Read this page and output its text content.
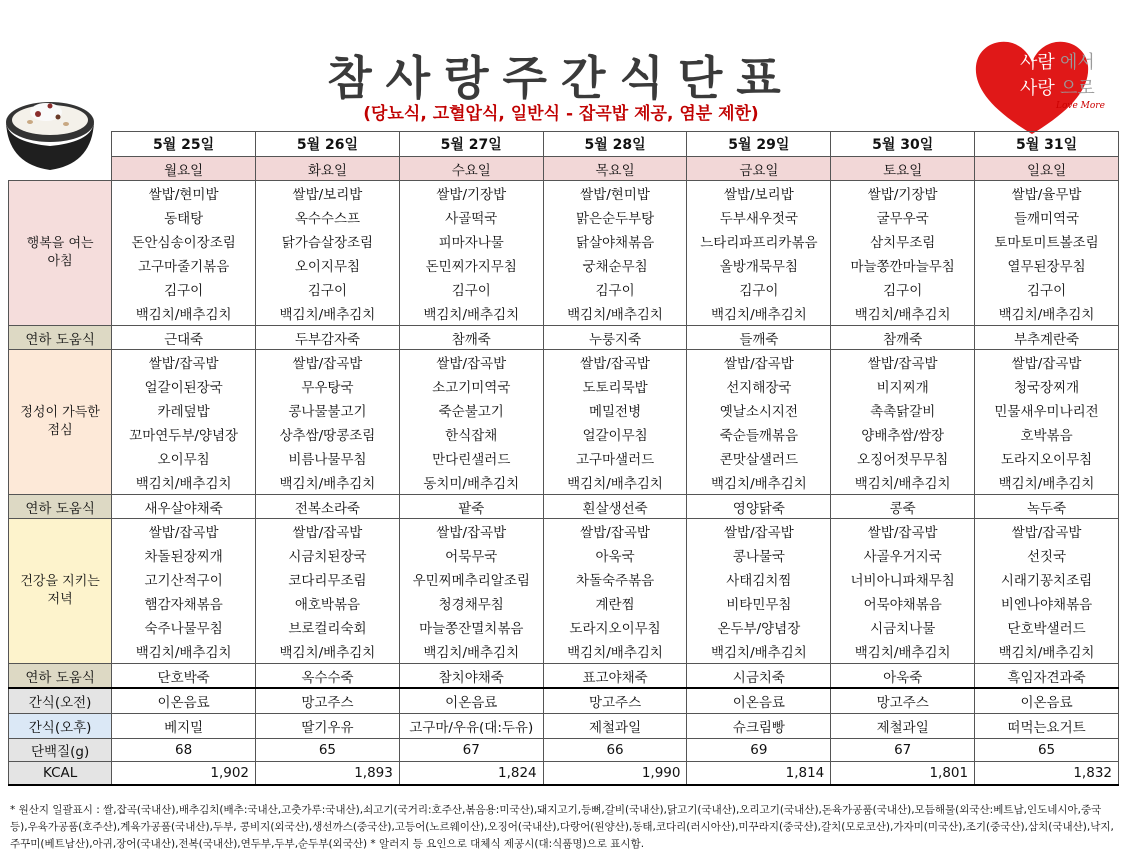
참사랑주간식단표
(당뇨식, 고혈압식, 일반식 - 잡곡밥 제공, 염분 제한)
사람 에서
사랑 으로
Love More
	5월 25일	5월 26일	5월 27일	5월 28일	5월 29일	5월 30일	5월 31일
	월요일	화요일	수요일	목요일	금요일	토요일	일요일
행복을 여는
아침	쌀밥/현미밥	쌀밥/보리밥	쌀밥/기장밥	쌀밥/현미밥	쌀밥/보리밥	쌀밥/기장밥	쌀밥/율무밥
	동태탕	옥수수스프	사골떡국	맑은순두부탕	두부새우젓국	굴무우국	들깨미역국
	돈안심송이장조림	닭가슴살장조림	피마자나물	닭살야채볶음	느타리파프리카볶음	삼치무조림	토마토미트볼조림
	고구마줄기볶음	오이지무침	돈민찌가지무침	궁채순무침	올방개묵무침	마늘쫑깐마늘무침	열무된장무침
	김구이	김구이	김구이	김구이	김구이	김구이	김구이
	백김치/배추김치	백김치/배추김치	백김치/배추김치	백김치/배추김치	백김치/배추김치	백김치/배추김치	백김치/배추김치
연하 도움식	근대죽	두부감자죽	참깨죽	누룽지죽	들깨죽	참깨죽	부추계란죽
정성이 가득한
점심	쌀밥/잡곡밥	쌀밥/잡곡밥	쌀밥/잡곡밥	쌀밥/잡곡밥	쌀밥/잡곡밥	쌀밥/잡곡밥	쌀밥/잡곡밥
	얼갈이된장국	무우탕국	소고기미역국	도토리묵밥	선지해장국	비지찌개	청국장찌개
	카레덮밥	콩나물불고기	죽순불고기	메밀전병	옛날소시지전	촉촉닭갈비	민물새우미나리전
	꼬마연두부/양념장	상추쌈/땅콩조림	한식잡채	얼갈이무침	죽순들깨볶음	양배추쌈/쌈장	호박볶음
	오이무침	비름나물무침	만다린샐러드	고구마샐러드	콘맛살샐러드	오징어젓무무침	도라지오이무침
	백김치/배추김치	백김치/배추김치	동치미/배추김치	백김치/배추김치	백김치/배추김치	백김치/배추김치	백김치/배추김치
연하 도움식	새우살야채죽	전복소라죽	팥죽	흰살생선죽	영양닭죽	콩죽	녹두죽
건강을 지키는
저녁	쌀밥/잡곡밥	쌀밥/잡곡밥	쌀밥/잡곡밥	쌀밥/잡곡밥	쌀밥/잡곡밥	쌀밥/잡곡밥	쌀밥/잡곡밥
	차돌된장찌개	시금치된장국	어묵무국	아욱국	콩나물국	사골우거지국	선짓국
	고기산적구이	코다리무조림	우민찌메추리알조림	차돌숙주볶음	사태김치찜	너비아니파채무침	시래기꽁치조림
	햄감자채볶음	애호박볶음	청경채무침	계란찜	비타민무침	어묵야채볶음	비엔나야채볶음
	숙주나물무침	브로컬리숙회	마늘쫑잔멸치볶음	도라지오이무침	온두부/양념장	시금치나물	단호박샐러드
	백김치/배추김치	백김치/배추김치	백김치/배추김치	백김치/배추김치	백김치/배추김치	백김치/배추김치	백김치/배추김치
연하 도움식	단호박죽	옥수수죽	참치야채죽	표고야채죽	시금치죽	아욱죽	흑임자견과죽
간식(오전)	이온음료	망고주스	이온음료	망고주스	이온음료	망고주스	이온음료
간식(오후)	베지밀	딸기우유	고구마/우유(대:두유)	제철과일	슈크림빵	제철과일	떠먹는요거트
단백질(g)	68	65	67	66	69	67	65
KCAL	1,902	1,893	1,824	1,990	1,814	1,801	1,832
* 원산지 일괄표시 : 쌀,잡곡(국내산),배추김치(배추:국내산,고춧가루:국내산),쇠고기(국거리:호주산,볶음용:미국산),돼지고기,등뼈,갈비(국내산),닭고기(국내산),오리고기(국내산),돈육가공품(국내산),모듬해물(외국산:베트남,인도네시아,중국등),우육가공품(호주산),계육가공품(국내산),두부, 콩비지(외국산),생선까스(중국산),고등어(노르웨이산),오징어(국내산),다랑어(원양산),동태,코다리(러시아산),미꾸라지(중국산),갈치(모로코산),가자미(미국산),조기(중국산),삼치(국내산),낙지,주꾸미(베트남산),아귀,장어(국내산),전복(국내산),연두부,두부,순두부(외국산) * 알러지 등 요인으로 대체식 제공시(대:식품명)으로 표시함.
